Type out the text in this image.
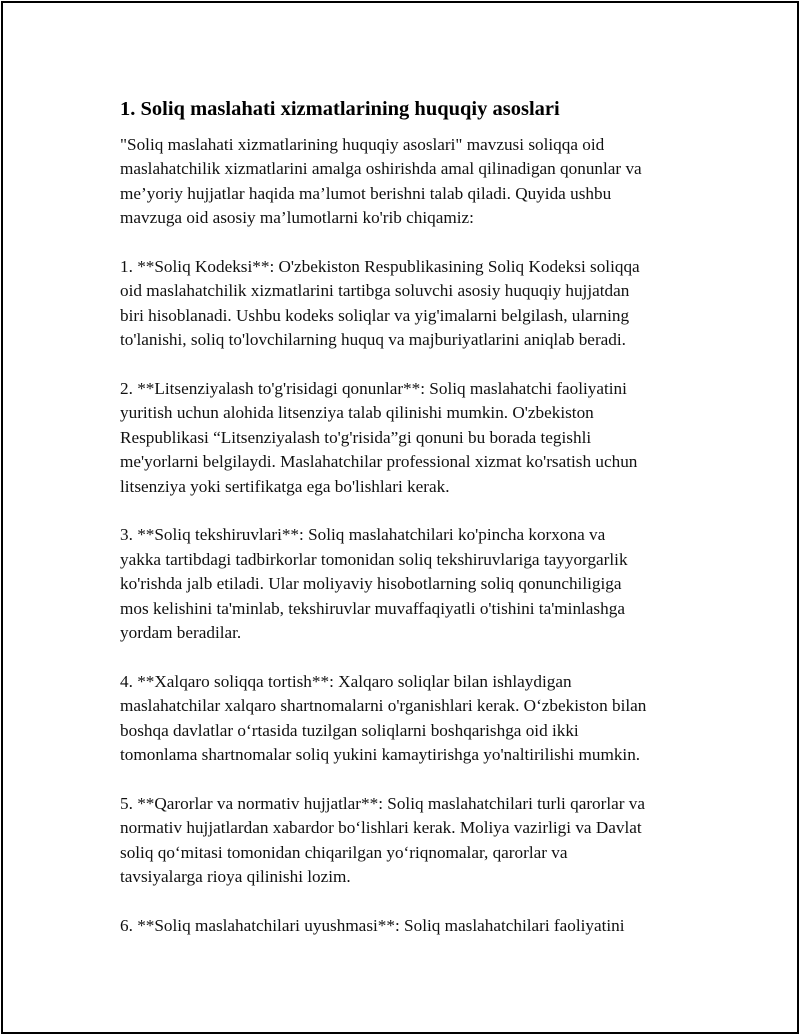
1. Soliq maslahati xizmatlarining huquqiy asoslari
"Soliq maslahati xizmatlarining huquqiy asoslari" mavzusi soliqqa oid
maslahatchilik xizmatlarini amalga oshirishda amal qilinadigan qonunlar va
me’yoriy hujjatlar haqida ma’lumot berishni talab qiladi. Quyida ushbu
mavzuga oid asosiy ma’lumotlarni ko'rib chiqamiz:
1. **Soliq Kodeksi**: O'zbekiston Respublikasining Soliq Kodeksi soliqqa
oid maslahatchilik xizmatlarini tartibga soluvchi asosiy huquqiy hujjatdan
biri hisoblanadi. Ushbu kodeks soliqlar va yig'imalarni belgilash, ularning
to'lanishi, soliq to'lovchilarning huquq va majburiyatlarini aniqlab beradi.
2. **Litsenziyalash to'g'risidagi qonunlar**: Soliq maslahatchi faoliyatini
yuritish uchun alohida litsenziya talab qilinishi mumkin. O'zbekiston
Respublikasi “Litsenziyalash to'g'risida”gi qonuni bu borada tegishli
me'yorlarni belgilaydi. Maslahatchilar professional xizmat ko'rsatish uchun
litsenziya yoki sertifikatga ega bo'lishlari kerak.
3. **Soliq tekshiruvlari**: Soliq maslahatchilari ko'pincha korxona va
yakka tartibdagi tadbirkorlar tomonidan soliq tekshiruvlariga tayyorgarlik
ko'rishda jalb etiladi. Ular moliyaviy hisobotlarning soliq qonunchiligiga
mos kelishini ta'minlab, tekshiruvlar muvaffaqiyatli o'tishini ta'minlashga
yordam beradilar.
4. **Xalqaro soliqqa tortish**: Xalqaro soliqlar bilan ishlaydigan
maslahatchilar xalqaro shartnomalarni o'rganishlari kerak. O‘zbekiston bilan
boshqa davlatlar o‘rtasida tuzilgan soliqlarni boshqarishga oid ikki
tomonlama shartnomalar soliq yukini kamaytirishga yo'naltirilishi mumkin.
5. **Qarorlar va normativ hujjatlar**: Soliq maslahatchilari turli qarorlar va
normativ hujjatlardan xabardor bo‘lishlari kerak. Moliya vazirligi va Davlat
soliq qo‘mitasi tomonidan chiqarilgan yo‘riqnomalar, qarorlar va
tavsiyalarga rioya qilinishi lozim.
6. **Soliq maslahatchilari uyushmasi**: Soliq maslahatchilari faoliyatini
